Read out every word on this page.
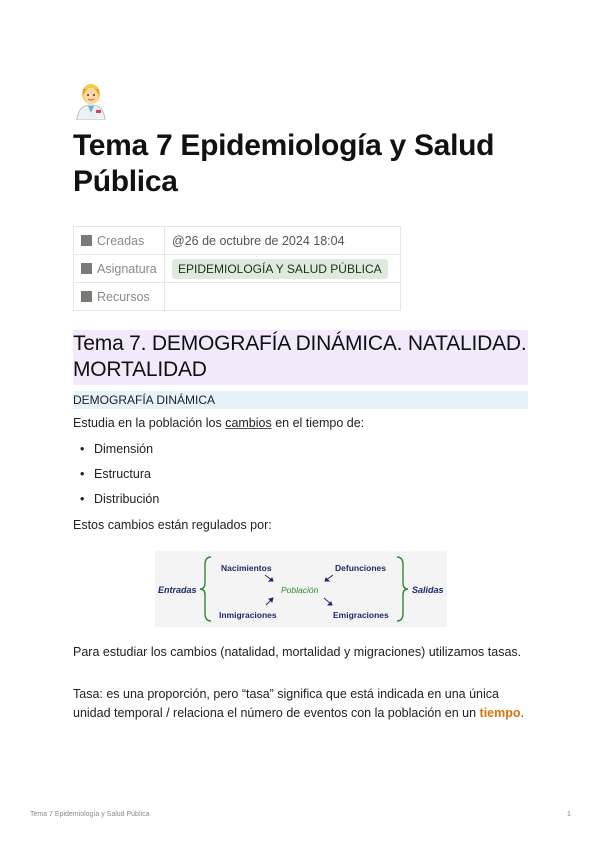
Tema 7 Epidemiología y Salud Pública
Creadas	@26 de octubre de 2024 18:04
Asignatura	EPIDEMIOLOGÍA Y SALUD PÚBLICA
Recursos	
Tema 7. DEMOGRAFÍA DINÁMICA. NATALIDAD. MORTALIDAD
DEMOGRAFÍA DINÁMICA

Estudia en la población los cambios en el tiempo de:

• Dimensión
• Estructura
• Distribución

Estos cambios están regulados por:

Entradas
Nacimientos	Defunciones
Población
Inmigraciones	Emigraciones
Salidas

Para estudiar los cambios (natalidad, mortalidad y migraciones) utilizamos tasas.

Tasa: es una proporción, pero “tasa” significa que está indicada en una única unidad temporal / relaciona el número de eventos con la población en un tiempo.

Tema 7 Epidemiología y Salud Pública	1
